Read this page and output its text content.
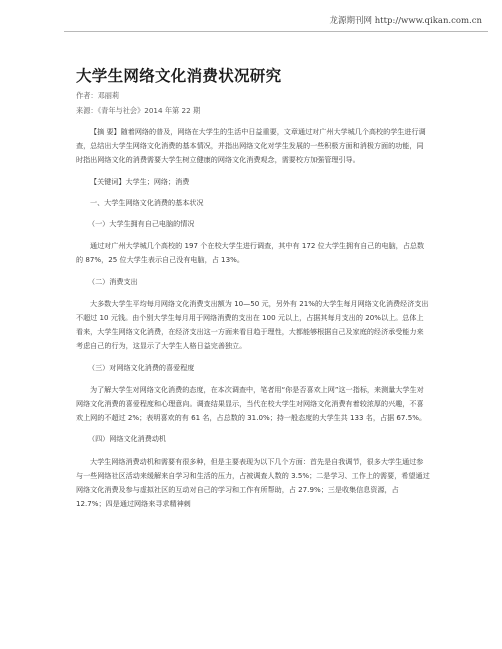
龙源期刊网 http://www.qikan.com.cn
大学生网络文化消费状况研究
作者：邓丽莉
来源：《青年与社会》2014 年第 22 期

【摘 要】随着网络的普及，网络在大学生的生活中日益重要，文章通过对广州大学城几个高校的学生进行调查，总结出大学生网络文化消费的基本情况，并指出网络文化对学生发展的一些积极方面和消极方面的功能，同时指出网络文化的消费需要大学生树立健康的网络文化消费观念，需要校方加强管理引导。

【关键词】大学生；网络；消费

一、大学生网络文化消费的基本状况

（一）大学生拥有自己电脑的情况

通过对广州大学城几个高校的 197 个在校大学生进行调查，其中有 172 位大学生拥有自己的电脑，占总数的 87%，25 位大学生表示自己没有电脑，占 13%。

（二）消费支出

大多数大学生平均每月网络文化消费支出额为 10—50 元，另外有 21%的大学生每月网络文化消费经济支出不超过 10 元钱。由个别大学生每月用于网络消费的支出在 100 元以上，占据其每月支出的 20%以上。总体上看来，大学生网络文化消费，在经济支出这一方面来看目趋于理性，大都能够根据自己及家庭的经济承受能力来考虑自己的行为，这显示了大学生人格日益完善独立。

（三）对网络文化消费的喜爱程度

为了解大学生对网络文化消费的态度，在本次调查中，笔者用“你是否喜欢上网”这一指标，来测量大学生对网络文化消费的喜爱程度和心理意向。调查结果显示，当代在校大学生对网络文化消费有着较浓厚的兴趣，不喜欢上网的不超过 2%；表明喜欢的有 61 名，占总数的 31.0%；持一般态度的大学生共 133 名，占据 67.5%。

（四）网络文化消费动机

大学生网络消费动机和需要有很多种，但是主要表现为以下几个方面：首先是自我调节，很多大学生通过参与一些网络社区活动来缓解来自学习和生活的压力，占被调查人数的 3.5%；二是学习、工作上的需要，希望通过网络文化消费及参与虚拟社区的互动对自己的学习和工作有所帮助，占 27.9%；三是收集信息资源，占 12.7%；四是通过网络来寻求精神刺
